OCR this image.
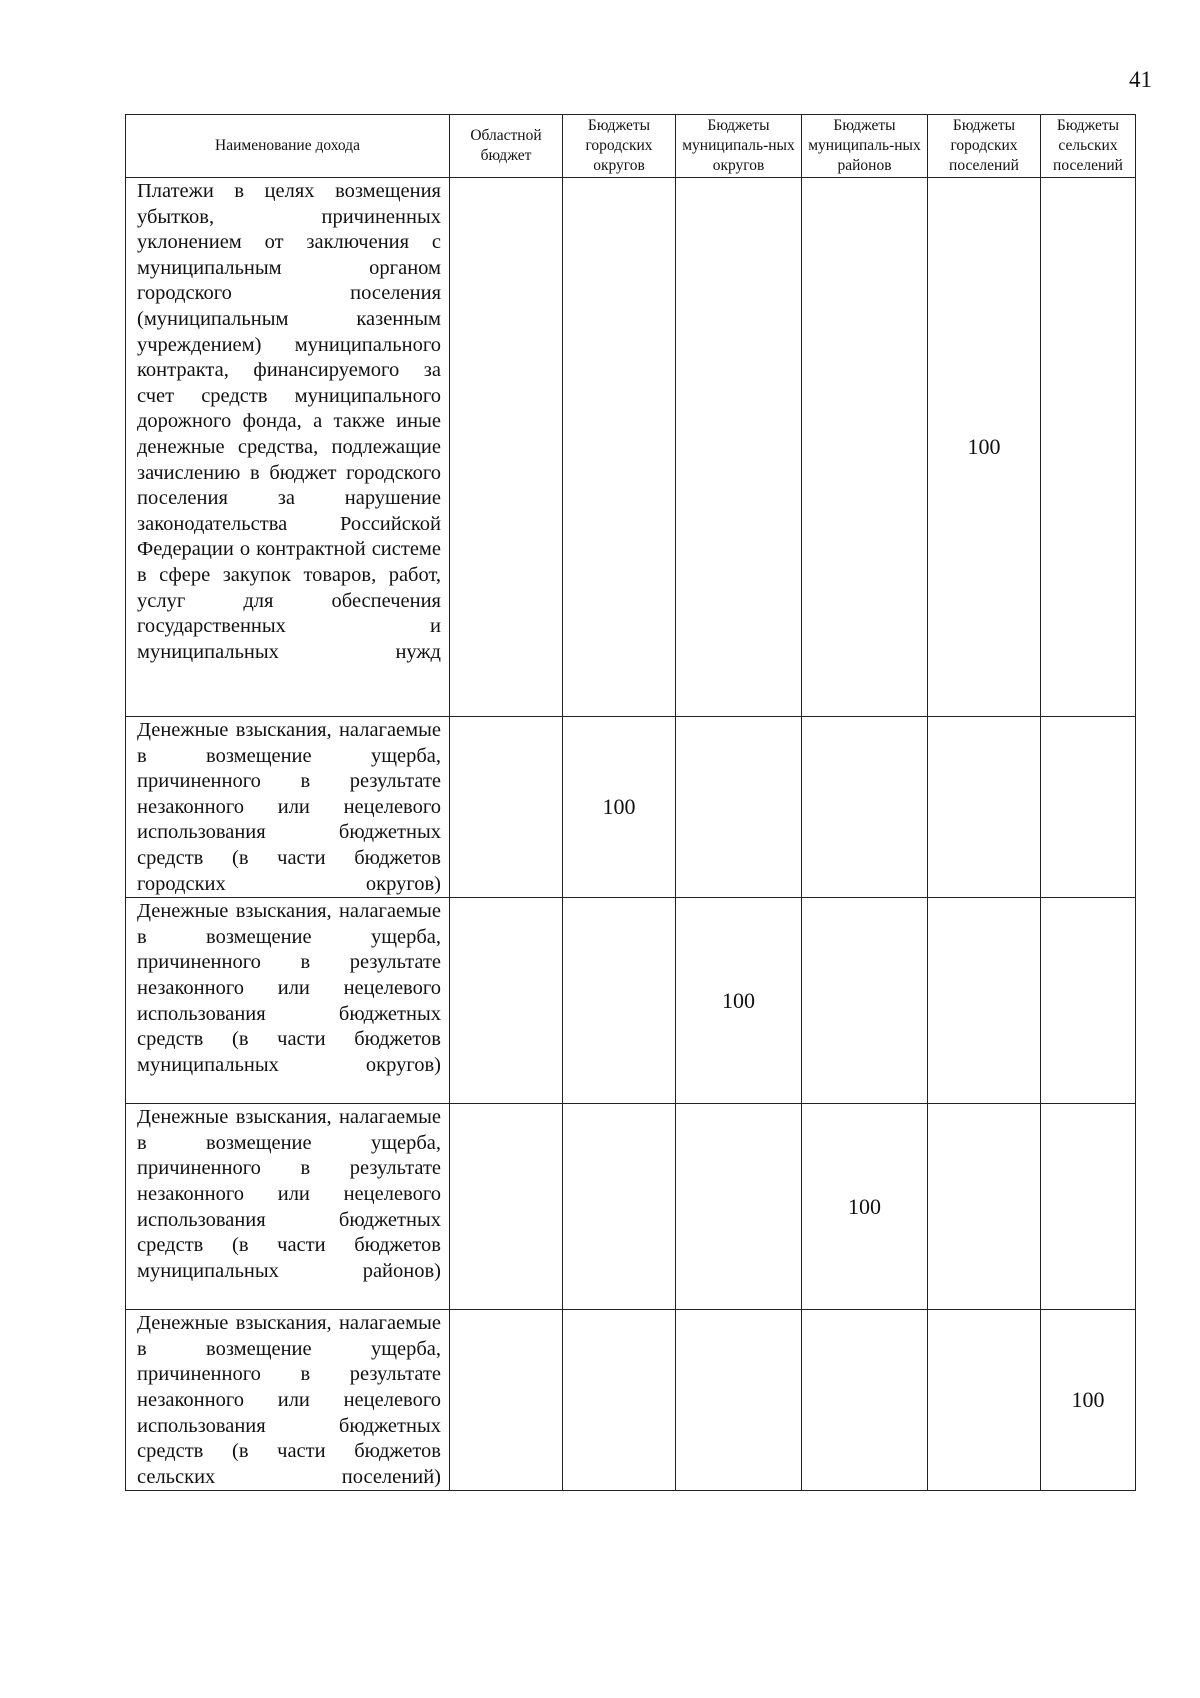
41
Наименование дохода	Областной бюджет	Бюджеты городских округов	Бюджеты муниципаль-ных округов	Бюджеты муниципаль-ных районов	Бюджеты городских поселений	Бюджеты сельских поселений

Платежи в целях возмещения убытков, причиненных уклонением от заключения с муниципальным органом городского поселения (муниципальным казенным учреждением) муниципального контракта, финансируемого за счет средств муниципального дорожного фонда, а также иные денежные средства, подлежащие зачислению в бюджет городского поселения за нарушение законодательства Российской Федерации о контрактной системе в сфере закупок товаров, работ, услуг для обеспечения государственных и муниципальных нужд					100	
Денежные взыскания, налагаемые в возмещение ущерба, причиненного в результате незаконного или нецелевого использования бюджетных средств (в части бюджетов городских округов)		100				
Денежные взыскания, налагаемые в возмещение ущерба, причиненного в результате незаконного или нецелевого использования бюджетных средств (в части бюджетов муниципальных округов)			100			
Денежные взыскания, налагаемые в возмещение ущерба, причиненного в результате незаконного или нецелевого использования бюджетных средств (в части бюджетов муниципальных районов)				100		
Денежные взыскания, налагаемые в возмещение ущерба, причиненного в результате незаконного или нецелевого использования бюджетных средств (в части бюджетов сельских поселений)						100
